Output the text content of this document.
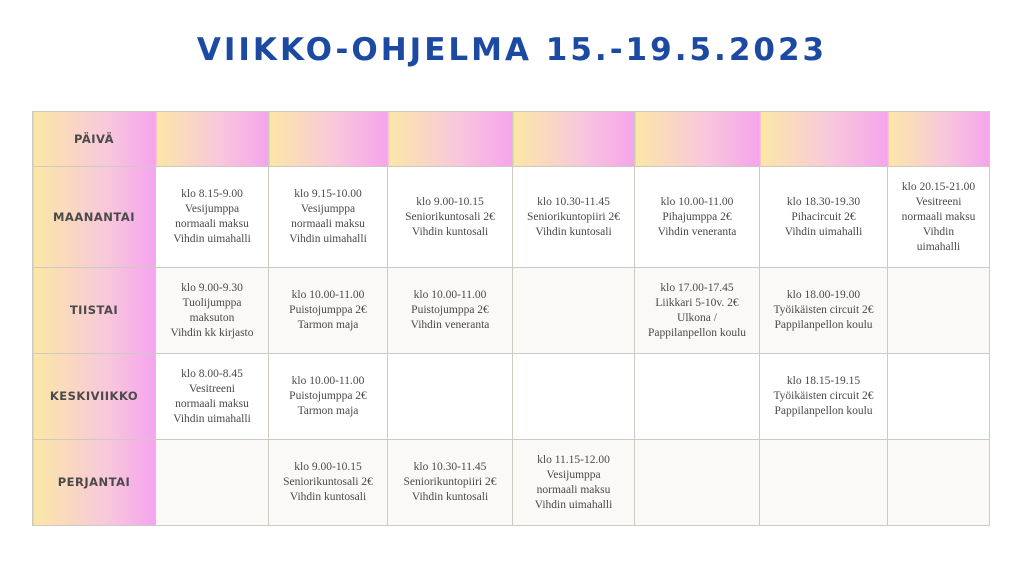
VIIKKO-OHJELMA 15.-19.5.2023
PÄIVÄ							
MAANANTAI	klo 8.15-9.00
Vesijumppa
normaali maksu
Vihdin uimahalli	klo 9.15-10.00
Vesijumppa
normaali maksu
Vihdin uimahalli	klo 9.00-10.15
Seniorikuntosali 2€
Vihdin kuntosali	klo 10.30-11.45
Seniorikuntopiiri 2€
Vihdin kuntosali	klo 10.00-11.00
Pihajumppa 2€
Vihdin veneranta	klo 18.30-19.30
Pihacircuit 2€
Vihdin uimahalli	klo 20.15-21.00
Vesitreeni
normaali maksu
Vihdin
uimahalli
TIISTAI	klo 9.00-9.30
Tuolijumppa
maksuton
Vihdin kk kirjasto	klo 10.00-11.00
Puistojumppa 2€
Tarmon maja	klo 10.00-11.00
Puistojumppa 2€
Vihdin veneranta		klo 17.00-17.45
Liikkari 5-10v. 2€
Ulkona /
Pappilanpellon koulu	klo 18.00-19.00
Työikäisten circuit 2€
Pappilanpellon koulu	
KESKIVIIKKO	klo 8.00-8.45
Vesitreeni
normaali maksu
Vihdin uimahalli	klo 10.00-11.00
Puistojumppa 2€
Tarmon maja				klo 18.15-19.15
Työikäisten circuit 2€
Pappilanpellon koulu	
PERJANTAI		klo 9.00-10.15
Seniorikuntosali 2€
Vihdin kuntosali	klo 10.30-11.45
Seniorikuntopiiri 2€
Vihdin kuntosali	klo 11.15-12.00
Vesijumppa
normaali maksu
Vihdin uimahalli			
